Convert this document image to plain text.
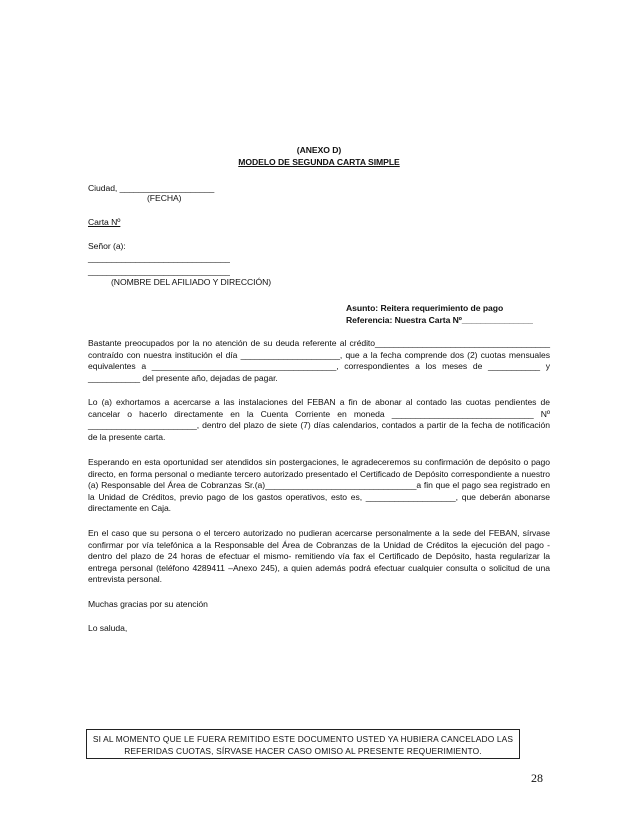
(ANEXO D)
MODELO DE SEGUNDA CARTA SIMPLE
Ciudad, ____________________
(FECHA)
Carta Nº
Señor (a):
______________________________
______________________________
(NOMBRE DEL AFILIADO Y DIRECCIÓN)
Asunto: Reitera requerimiento de pago
Referencia: Nuestra Carta Nº_______________
Bastante preocupados por la no atención de su deuda referente al crédito_____________________________________ contraído con nuestra institución el día _____________________, que a la fecha comprende dos (2) cuotas mensuales equivalentes a _______________________________________, correspondientes a los meses de ___________ y ___________ del presente año, dejadas de pagar.
Lo (a) exhortamos a acercarse a las instalaciones del FEBAN a fin de abonar al contado las cuotas pendientes de cancelar o hacerlo directamente en la Cuenta Corriente en moneda ______________________________ Nº _______________________, dentro del plazo de siete (7) días calendarios, contados a partir de la fecha de notificación de la presente carta.
Esperando en esta oportunidad ser atendidos sin postergaciones, le agradeceremos su confirmación de depósito o pago directo, en forma personal o mediante tercero autorizado presentado el Certificado de Depósito correspondiente a nuestro (a) Responsable del Área de Cobranzas Sr.(a)________________________________a fin que el pago sea registrado en la Unidad de Créditos, previo pago de los gastos operativos, esto es, ___________________, que deberán abonarse directamente en Caja.
En el caso que su persona o el tercero autorizado no pudieran acercarse personalmente a la sede del FEBAN, sírvase confirmar por vía telefónica a la Responsable del Área de Cobranzas de la Unidad de Créditos la ejecución del pago -dentro del plazo de 24 horas de efectuar el mismo- remitiendo vía fax el Certificado de Depósito, hasta regularizar la entrega personal (teléfono 4289411 –Anexo 245), a quien además podrá efectuar cualquier consulta o solicitud de una entrevista personal.
Muchas gracias por su atención
Lo saluda,
SI AL MOMENTO QUE LE FUERA REMITIDO ESTE DOCUMENTO USTED YA HUBIERA CANCELADO LAS
REFERIDAS CUOTAS, SÍRVASE HACER CASO OMISO AL PRESENTE REQUERIMIENTO.
28
